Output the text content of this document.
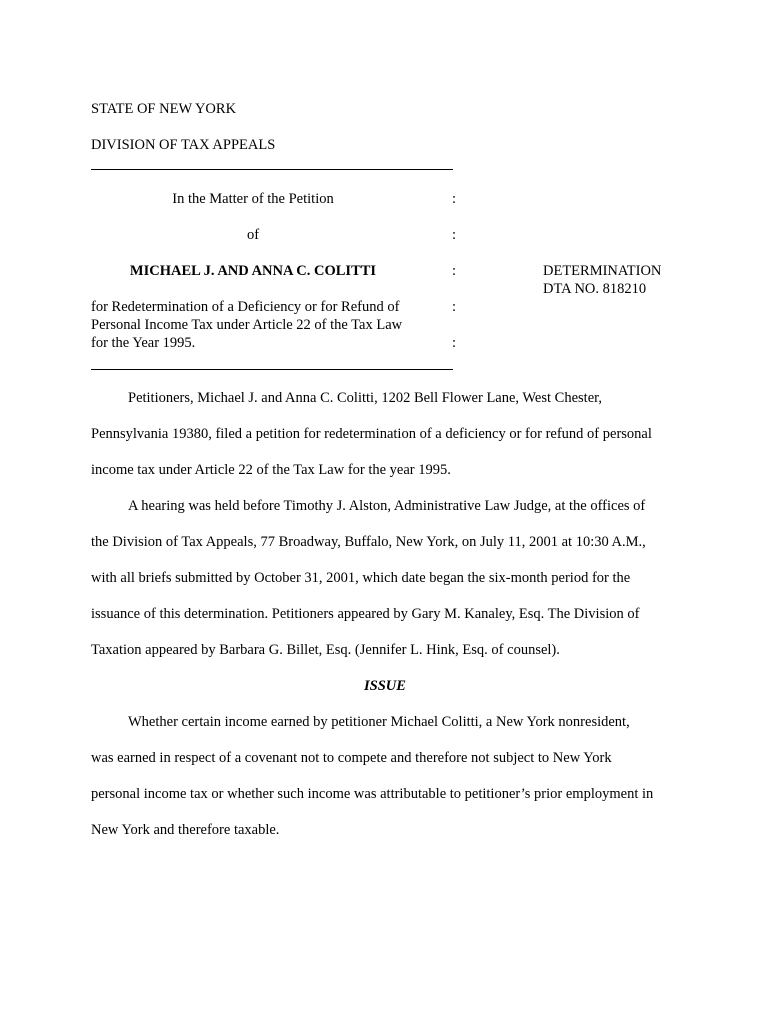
STATE OF NEW YORK
DIVISION OF TAX APPEALS
In the Matter of the Petition	:
of	:
MICHAEL J. AND ANNA C. COLITTI	:	DETERMINATION
DTA NO. 818210
for Redetermination of a Deficiency or for Refund of	:
Personal Income Tax under Article 22 of the Tax Law
for the Year 1995.	:
Petitioners, Michael J. and Anna C. Colitti, 1202 Bell Flower Lane, West Chester,
Pennsylvania 19380, filed a petition for redetermination of a deficiency or for refund of personal
income tax under Article 22 of the Tax Law for the year 1995.
A hearing was held before Timothy J. Alston, Administrative Law Judge, at the offices of
the Division of Tax Appeals, 77 Broadway, Buffalo, New York, on July 11, 2001 at 10:30 A.M.,
with all briefs submitted by October 31, 2001, which date began the six-month period for the
issuance of this determination. Petitioners appeared by Gary M. Kanaley, Esq. The Division of
Taxation appeared by Barbara G. Billet, Esq. (Jennifer L. Hink, Esq. of counsel).
ISSUE
Whether certain income earned by petitioner Michael Colitti, a New York nonresident,
was earned in respect of a covenant not to compete and therefore not subject to New York
personal income tax or whether such income was attributable to petitioner’s prior employment in
New York and therefore taxable.
